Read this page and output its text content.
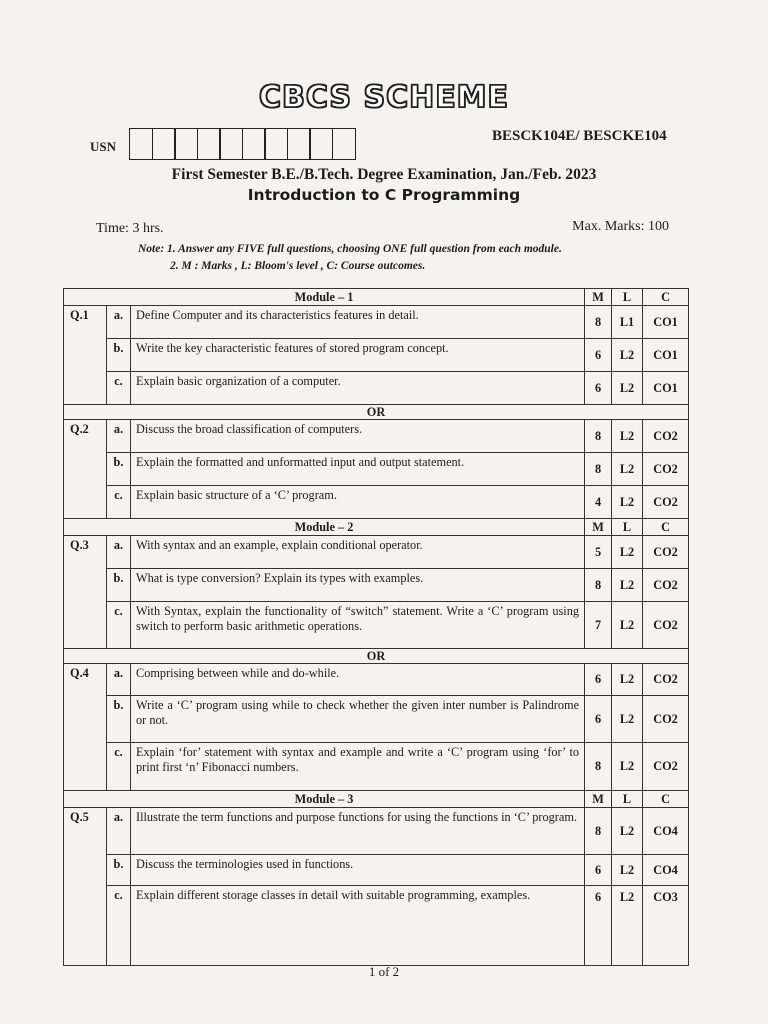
CBCS SCHEME
USN
BESCK104E/ BESCKE104
First Semester B.E./B.Tech. Degree Examination, Jan./Feb. 2023
Introduction to C Programming
Time: 3 hrs.	Max. Marks: 100
Note: 1. Answer any FIVE full questions, choosing ONE full question from each module.
2. M : Marks , L: Bloom's level , C: Course outcomes.
Module – 1			M	L	C
Q.1	a.	Define Computer and its characteristics features in detail.	8	L1	CO1
	b.	Write the key characteristic features of stored program concept.	6	L2	CO1
	c.	Explain basic organization of a computer.	6	L2	CO1
OR					
Q.2	a.	Discuss the broad classification of computers.	8	L2	CO2
	b.	Explain the formatted and unformatted input and output statement.	8	L2	CO2
	c.	Explain basic structure of a ‘C’ program.	4	L2	CO2
Module – 2			M	L	C
Q.3	a.	With syntax and an example, explain conditional operator.	5	L2	CO2
	b.	What is type conversion? Explain its types with examples.	8	L2	CO2
	c.	With Syntax, explain the functionality of “switch” statement. Write a ‘C’ program using switch to perform basic arithmetic operations.	7	L2	CO2
OR					
Q.4	a.	Comprising between while and do-while.	6	L2	CO2
	b.	Write a ‘C’ program using while to check whether the given inter number is Palindrome or not.	6	L2	CO2
	c.	Explain ‘for’ statement with syntax and example and write a ‘C’ program using ‘for’ to print first ‘n’ Fibonacci numbers.	8	L2	CO2
Module – 3			M	L	C
Q.5	a.	Illustrate the term functions and purpose functions for using the functions in ‘C’ program.	8	L2	CO4
	b.	Discuss the terminologies used in functions.	6	L2	CO4
	c.	Explain different storage classes in detail with suitable programming, examples.	6	L2	CO3
1 of 2
